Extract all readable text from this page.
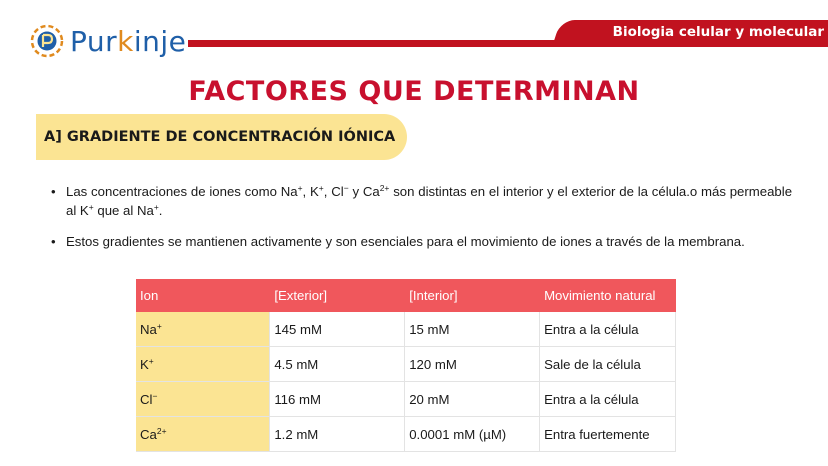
Purkinje	Biologia celular y molecular
FACTORES QUE DETERMINAN
A] GRADIENTE DE CONCENTRACIÓN IÓNICA
• Las concentraciones de iones como Na+, K+, Cl− y $Ca^{2+}$ son distintas en el interior y el exterior de la célula.o más permeable al K+ que al Na+.
• Estos gradientes se mantienen activamente y son esenciales para el movimiento de iones a través de la membrana.
Ion	[Exterior]	[Interior]	Movimiento natural
Na+	145 mM	15 mM	Entra a la célula
K+	4.5 mM	120 mM	Sale de la célula
Cl−	116 mM	20 mM	Entra a la célula
$Ca^{2+}$	1.2 mM	0.0001 mM (µM)	Entra fuertemente
